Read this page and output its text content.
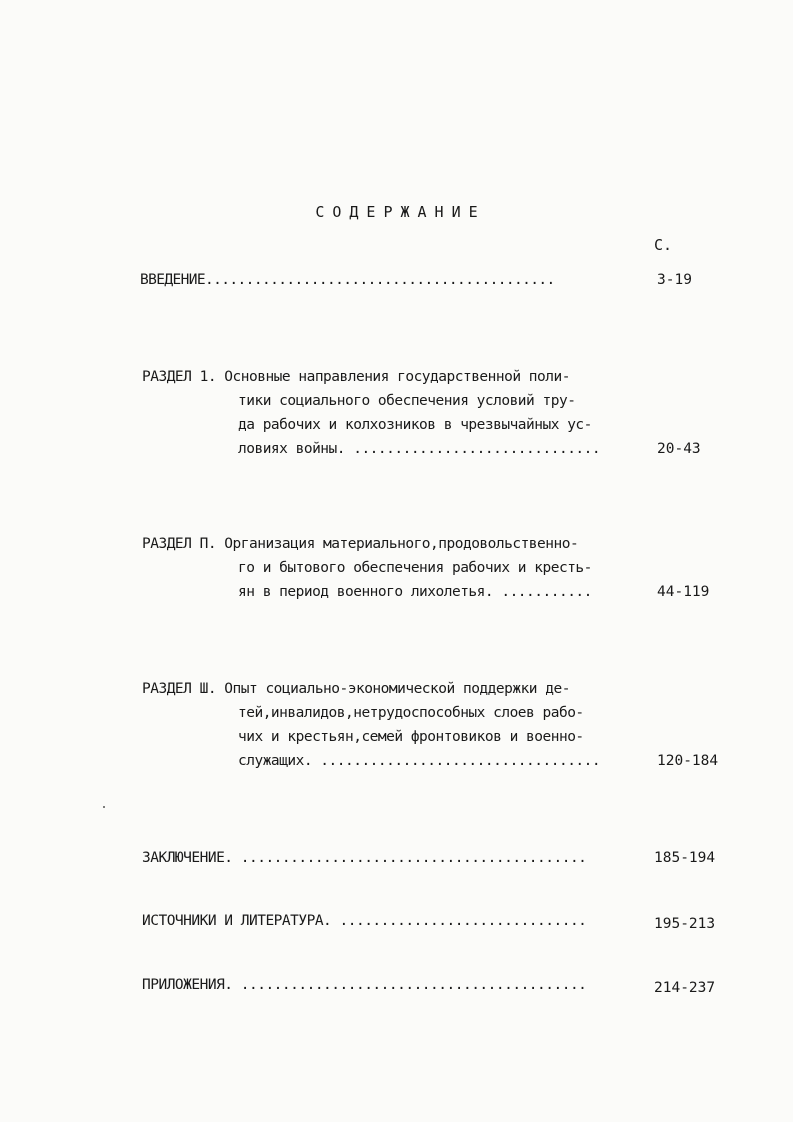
СОДЕРЖАНИЕ
С.
ВВЕДЕНИЕ...........................................	3-19
РАЗДЕЛ 1. Основные направления государственной поли-
тики социального обеспечения условий тру-
да рабочих и колхозников в чрезвычайных ус-
ловиях войны. ..............................	20-43
РАЗДЕЛ П. Организация материального,продовольственно-
го и бытового обеспечения рабочих и кресть-
ян в период военного лихолетья. ...........	44-119
РАЗДЕЛ Ш. Опыт социально-экономической поддержки де-
тей,инвалидов,нетрудоспособных слоев рабо-
чих и крестьян,семей фронтовиков и военно-
служащих. ..................................	120-184
ЗАКЛЮЧЕНИЕ. ..........................................	185-194
ИСТОЧНИКИ И ЛИТЕРАТУРА. ..............................	195-213
ПРИЛОЖЕНИЯ. ..........................................	214-237
